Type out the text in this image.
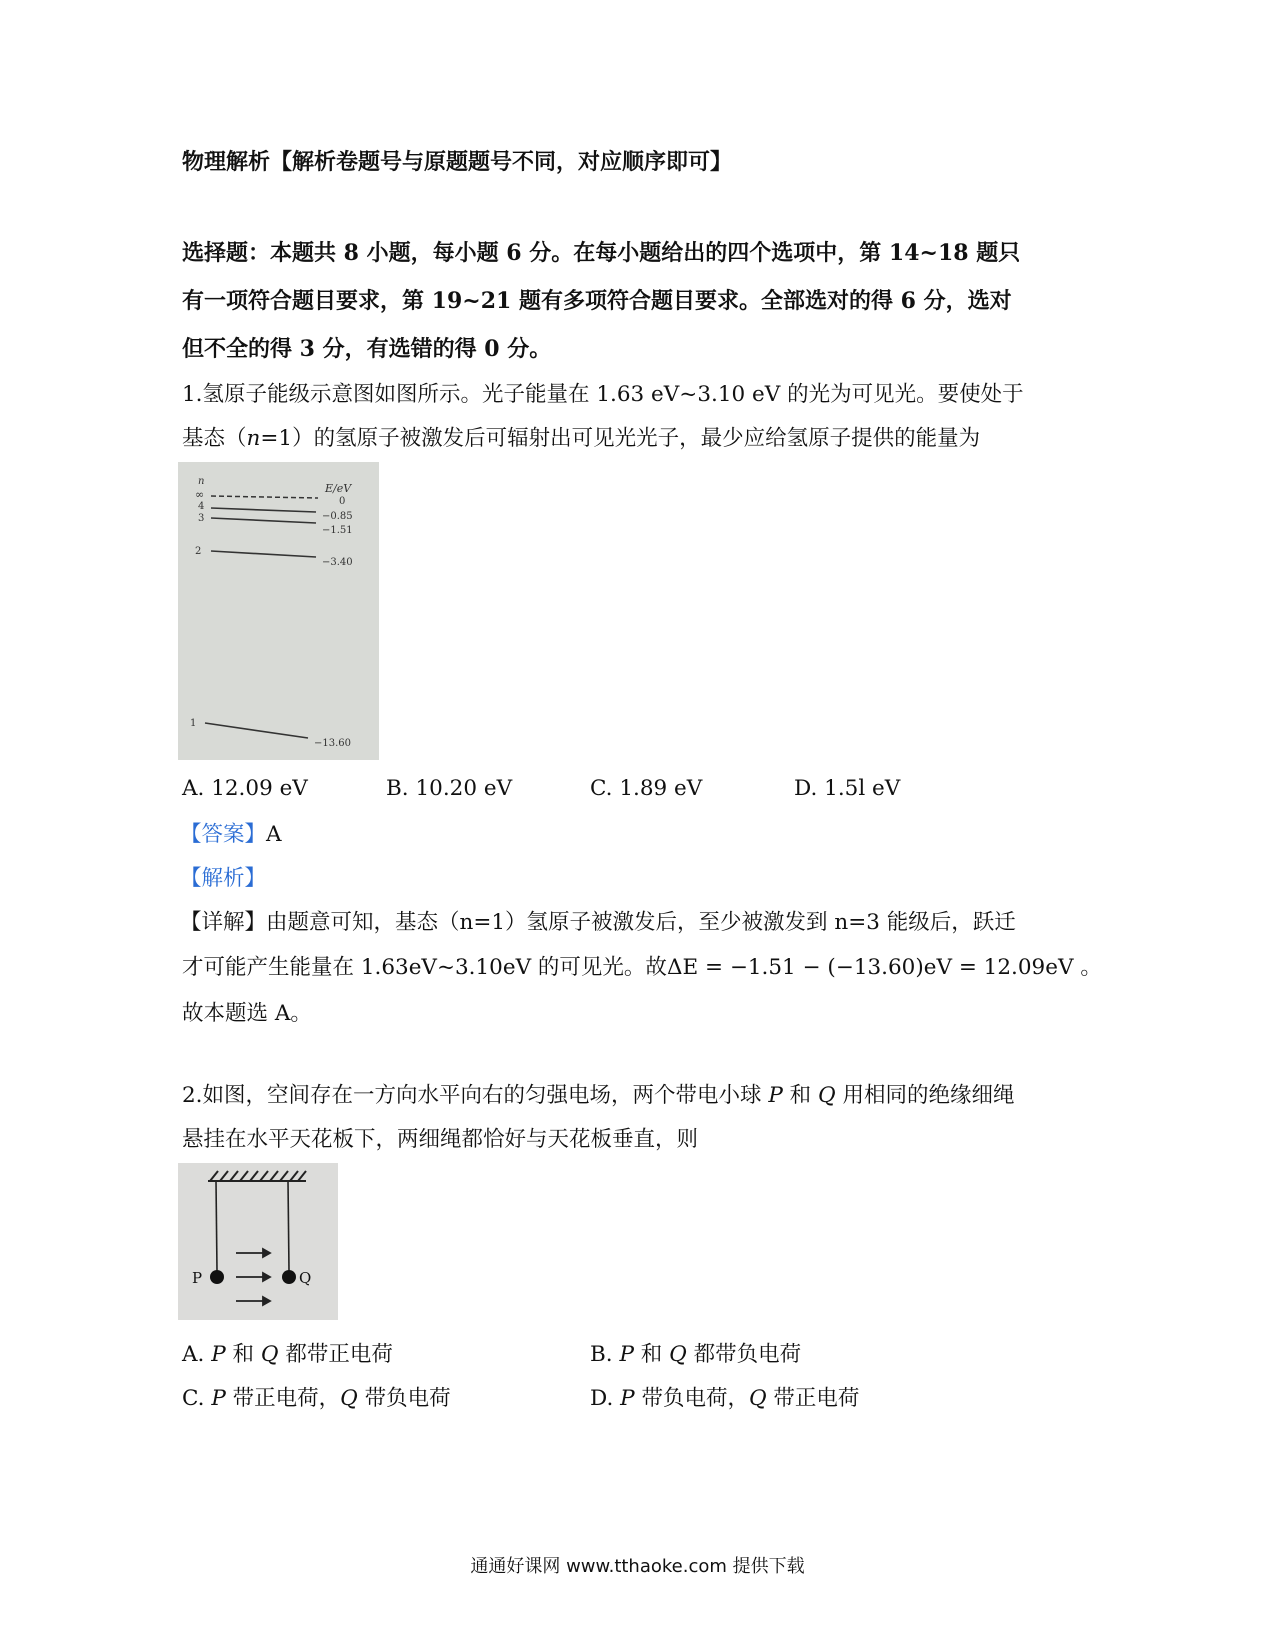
物理解析【解析卷题号与原题题号不同，对应顺序即可】
选择题：本题共 8 小题，每小题 6 分。在每小题给出的四个选项中，第 14~18 题只
有一项符合题目要求，第 19~21 题有多项符合题目要求。全部选对的得 6 分，选对
但不全的得 3 分，有选错的得 0 分。
1.氢原子能级示意图如图所示。光子能量在 1.63 eV~3.10 eV 的光为可见光。要使处于
基态（n=1）的氢原子被激发后可辐射出可见光光子，最少应给氢原子提供的能量为
n
E/eV
∞
0
4
−0.85
3
−1.51
2
−3.40
1
−13.60
A. 12.09 eV	B. 10.20 eV	C. 1.89 eV	D. 1.5l eV
【答案】A
【解析】
【详解】由题意可知，基态（n=1）氢原子被激发后，至少被激发到 n=3 能级后，跃迁
才可能产生能量在 1.63eV~3.10eV 的可见光。故ΔE = −1.51 − (−13.60)eV = 12.09eV 。
故本题选 A。
2.如图，空间存在一方向水平向右的匀强电场，两个带电小球 P 和 Q 用相同的绝缘细绳
悬挂在水平天花板下，两细绳都恰好与天花板垂直，则
P	Q
A. P 和 Q 都带正电荷	B. P 和 Q 都带负电荷
C. P 带正电荷，Q 带负电荷	D. P 带负电荷，Q 带正电荷
通通好课网 www.tthaoke.com 提供下载
